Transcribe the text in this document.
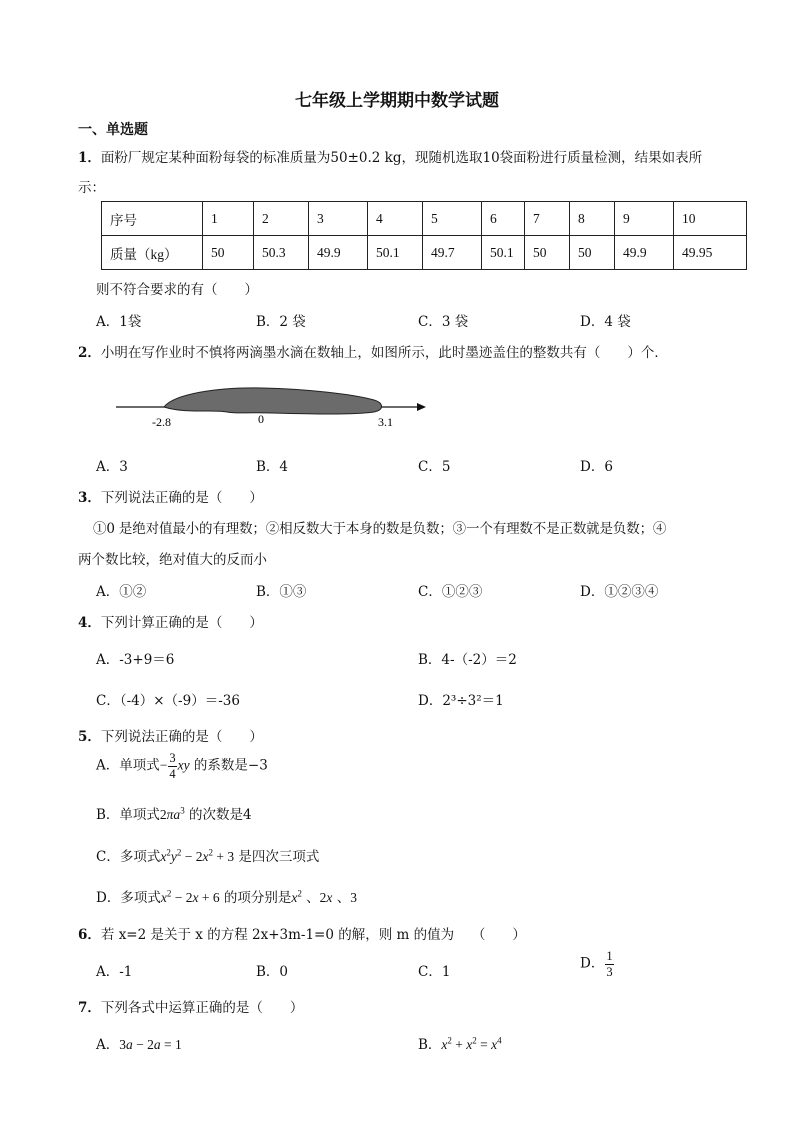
七年级上学期期中数学试题
一、单选题
1．面粉厂规定某种面粉每袋的标准质量为50±0.2 kg，现随机选取10袋面粉进行质量检测，结果如表所
示：
序号	1	2	3	4	5	6	7	8	9	10
质量（kg）	50	50.3	49.9	50.1	49.7	50.1	50	50	49.9	49.95
则不符合要求的有（　　）
A．1袋	B．2 袋	C．3 袋	D．4 袋
2．小明在写作业时不慎将两滴墨水滴在数轴上，如图所示，此时墨迹盖住的整数共有（　　）个．
-2.8	0	3.1
A．3	B．4	C．5	D．6
3．下列说法正确的是（　　）
①0 是绝对值最小的有理数；②相反数大于本身的数是负数；③一个有理数不是正数就是负数；④
两个数比较，绝对值大的反而小
A．①②	B．①③	C．①②③	D．①②③④
4．下列计算正确的是（　　）
A．-3+9＝6	B．4-（-2）＝2
C．（-4）×（-9）＝-36	D．2³÷3²＝1
5．下列说法正确的是（　　）
A．单项式− $\frac{3}{4}$ xy 的系数是−3
B．单项式$2\pi a^3$ 的次数是4
C．多项式$x^2y^2 - 2x^2 + 3$ 是四次三项式
D．多项式$x^2 - 2x + 6$ 的项分别是$x^2$ 、2x 、3
6．若 x=2 是关于 x 的方程 2x+3m-1=0 的解，则 m 的值为　 （　　）
A．-1	B．0	C．1
D． $\frac{1}{3}$
7．下列各式中运算正确的是（　　）
A．3a − 2a = 1	B．$x^2 + x^2 = x^4$
